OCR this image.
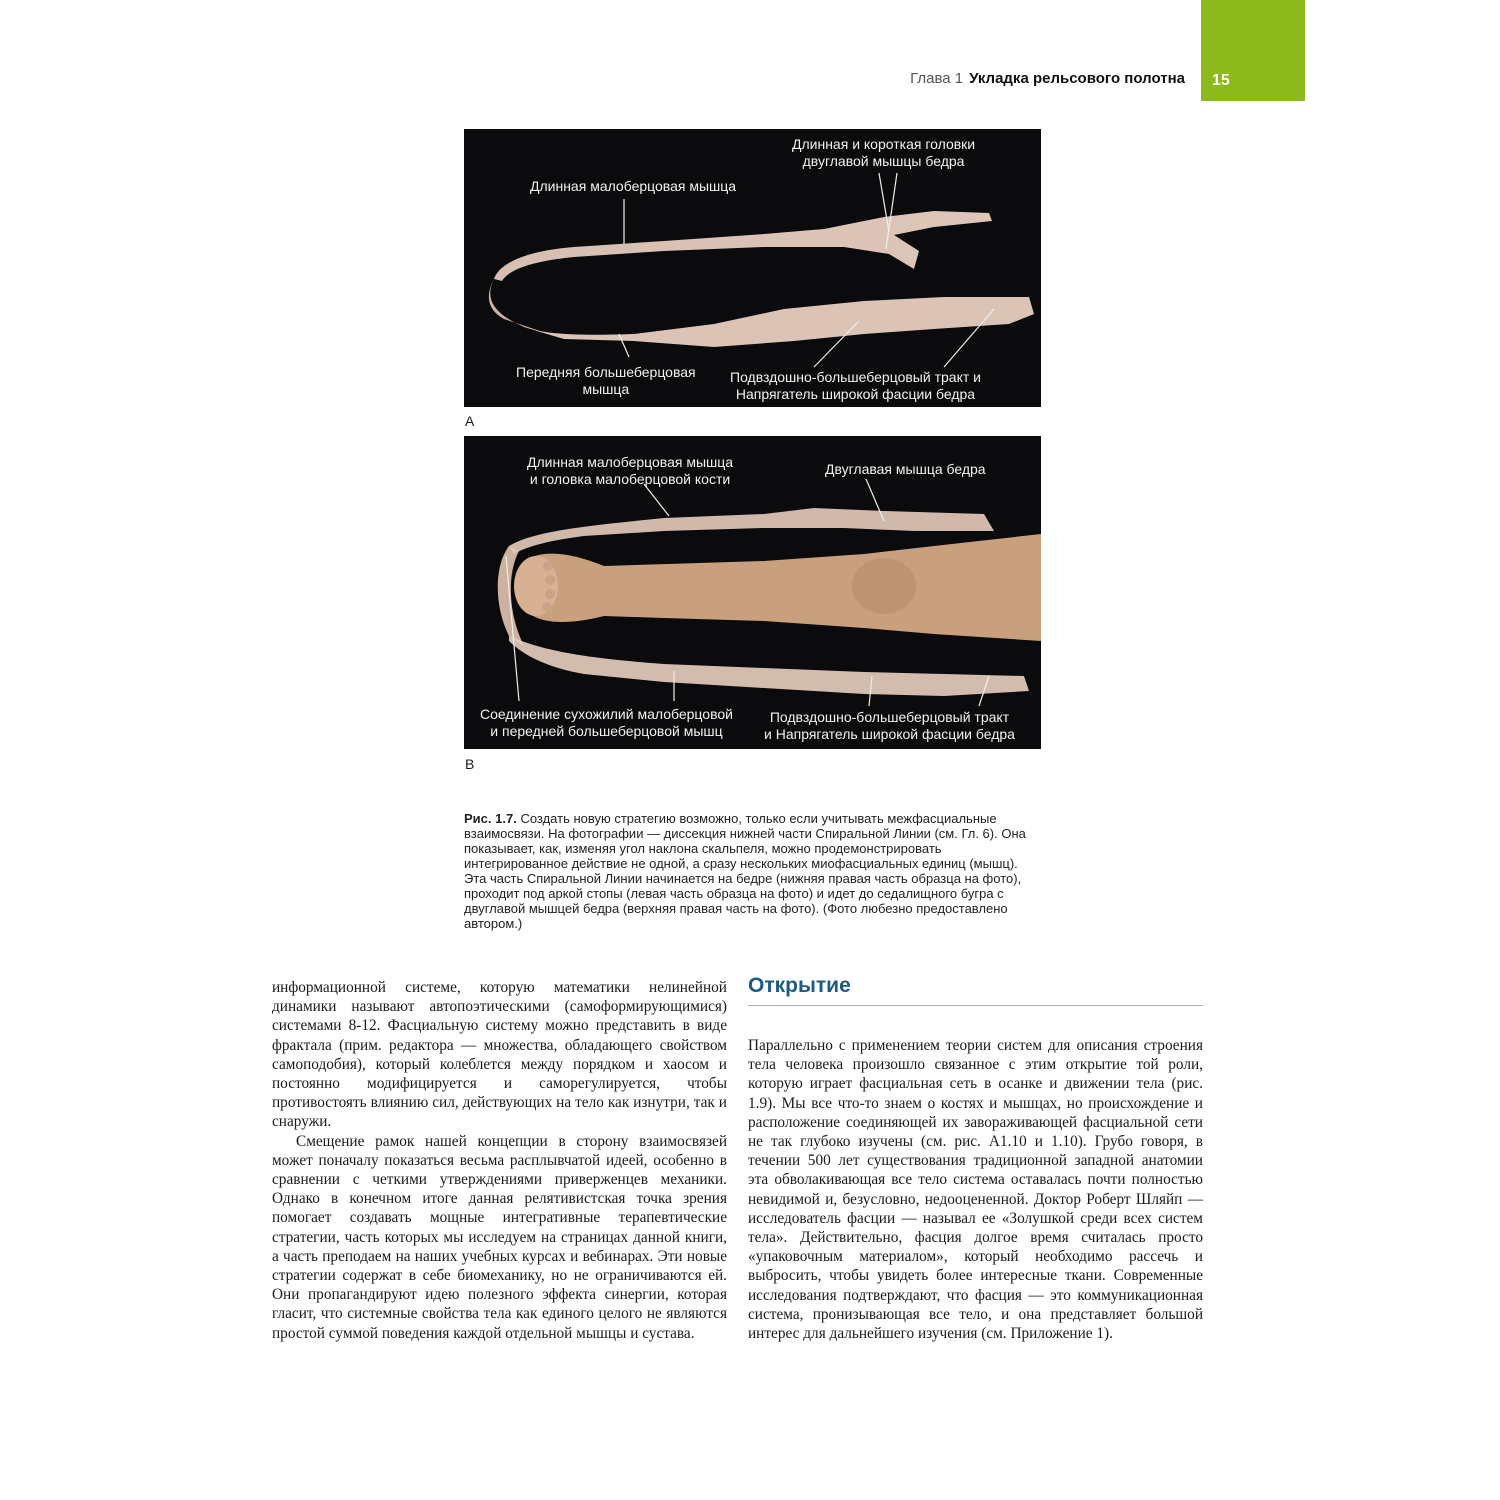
Глава 1 Укладка рельсового полотна 15
Длинная и короткая головки
двуглавой мышцы бедра
Длинная малоберцовая мышца
Передняя большеберцовая
мышца
Подвздошно-большеберцовый тракт и
Напрягатель широкой фасции бедра
A
Длинная малоберцовая мышца
и головка малоберцовой кости
Двуглавая мышца бедра
Соединение сухожилий малоберцовой
и передней большеберцовой мышц
Подвздошно-большеберцовый тракт
и Напрягатель широкой фасции бедра
B
Рис. 1.7. Создать новую стратегию возможно, только если учитывать межфасциальные взаимосвязи. На фотографии — диссекция нижней части Спиральной Линии (см. Гл. 6). Она показывает, как, изменяя угол наклона скальпеля, можно продемонстрировать интегрированное действие не одной, а сразу нескольких миофасциальных единиц (мышц). Эта часть Спиральной Линии начинается на бедре (нижняя правая часть образца на фото), проходит под аркой стопы (левая часть образца на фото) и идет до седалищного бугра с двуглавой мышцей бедра (верхняя правая часть на фото). (Фото любезно предоставлено автором.)

информационной системе, которую математики нелинейной динамики называют автопоэтическими (самоформирующимися) системами 8-12. Фасциальную систему можно представить в виде фрактала (прим. редактора — множества, обладающего свойством самоподобия), который колеблется между порядком и хаосом и постоянно модифицируется и саморегулируется, чтобы противостоять влиянию сил, действующих на тело как изнутри, так и снаружи.

Смещение рамок нашей концепции в сторону взаимосвязей может поначалу показаться весьма расплывчатой идеей, особенно в сравнении с четкими утверждениями приверженцев механики. Однако в конечном итоге данная релятивистская точка зрения помогает создавать мощные интегративные терапевтические стратегии, часть которых мы исследуем на страницах данной книги, а часть преподаем на наших учебных курсах и вебинарах. Эти новые стратегии содержат в себе биомеханику, но не ограничиваются ей. Они пропагандируют идею полезного эффекта синергии, которая гласит, что системные свойства тела как единого целого не являются простой суммой поведения каждой отдельной мышцы и сустава.

Открытие

Параллельно с применением теории систем для описания строения тела человека произошло связанное с этим открытие той роли, которую играет фасциальная сеть в осанке и движении тела (рис. 1.9). Мы все что-то знаем о костях и мышцах, но происхождение и расположение соединяющей их завораживающей фасциальной сети не так глубоко изучены (см. рис. А1.10 и 1.10). Грубо говоря, в течении 500 лет существования традиционной западной анатомии эта обволакивающая все тело система оставалась почти полностью невидимой и, безусловно, недооцененной. Доктор Роберт Шляйп — исследователь фасции — называл ее «Золушкой среди всех систем тела». Действительно, фасция долгое время считалась просто «упаковочным материалом», который необходимо рассечь и выбросить, чтобы увидеть более интересные ткани. Современные исследования подтверждают, что фасция — это коммуникационная система, пронизывающая все тело, и она представляет большой интерес для дальнейшего изучения (см. Приложение 1).
